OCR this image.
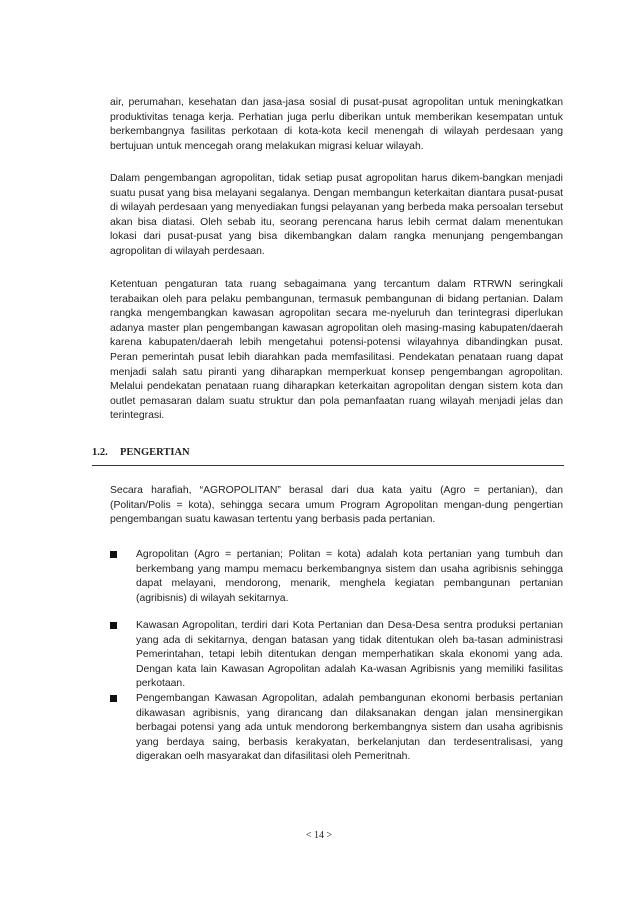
air, perumahan, kesehatan dan jasa-jasa sosial di pusat-pusat agropolitan untuk meningkatkan produktivitas tenaga kerja. Perhatian juga perlu diberikan untuk memberikan kesempatan untuk berkembangnya fasilitas perkotaan di kota-kota kecil menengah di wilayah perdesaan yang bertujuan untuk mencegah orang melakukan migrasi keluar wilayah.

Dalam pengembangan agropolitan, tidak setiap pusat agropolitan harus dikem-bangkan menjadi suatu pusat yang bisa melayani segalanya. Dengan membangun keterkaitan diantara pusat-pusat di wilayah perdesaan yang menyediakan fungsi pelayanan yang berbeda maka persoalan tersebut akan bisa diatasi. Oleh sebab itu, seorang perencana harus lebih cermat dalam menentukan lokasi dari pusat-pusat yang bisa dikembangkan dalam rangka menunjang pengembangan agropolitan di wilayah perdesaan.

Ketentuan pengaturan tata ruang sebagaimana yang tercantum dalam RTRWN seringkali terabaikan oleh para pelaku pembangunan, termasuk pembangunan di bidang pertanian. Dalam rangka mengembangkan kawasan agropolitan secara me-nyeluruh dan terintegrasi diperlukan adanya master plan pengembangan kawasan agropolitan oleh masing-masing kabupaten/daerah karena kabupaten/daerah lebih mengetahui potensi-potensi wilayahnya dibandingkan pusat. Peran pemerintah pusat lebih diarahkan pada memfasilitasi. Pendekatan penataan ruang dapat menjadi salah satu piranti yang diharapkan memperkuat konsep pengembangan agropolitan. Melalui pendekatan penataan ruang diharapkan keterkaitan agropolitan dengan sistem kota dan outlet pemasaran dalam suatu struktur dan pola pemanfaatan ruang wilayah menjadi jelas dan terintegrasi.

1.2. PENGERTIAN

Secara harafiah, “AGROPOLITAN” berasal dari dua kata yaitu (Agro = pertanian), dan (Politan/Polis = kota), sehingga secara umum Program Agropolitan mengan-dung pengertian pengembangan suatu kawasan tertentu yang berbasis pada pertanian.

Agropolitan (Agro = pertanian; Politan = kota) adalah kota pertanian yang tumbuh dan berkembang yang mampu memacu berkembangnya sistem dan usaha agribisnis sehingga dapat melayani, mendorong, menarik, menghela kegiatan pembangunan pertanian (agribisnis) di wilayah sekitarnya.

Kawasan Agropolitan, terdiri dari Kota Pertanian dan Desa-Desa sentra produksi pertanian yang ada di sekitarnya, dengan batasan yang tidak ditentukan oleh ba-tasan administrasi Pemerintahan, tetapi lebih ditentukan dengan memperhatikan skala ekonomi yang ada. Dengan kata lain Kawasan Agropolitan adalah Ka-wasan Agribisnis yang memiliki fasilitas perkotaan.

Pengembangan Kawasan Agropolitan, adalah pembangunan ekonomi berbasis pertanian dikawasan agribisnis, yang dirancang dan dilaksanakan dengan jalan mensinergikan berbagai potensi yang ada untuk mendorong berkembangnya sistem dan usaha agribisnis yang berdaya saing, berbasis kerakyatan, berkelanjutan dan terdesentralisasi, yang digerakan oelh masyarakat dan difasilitasi oleh Pemeritnah.

< 14 >
